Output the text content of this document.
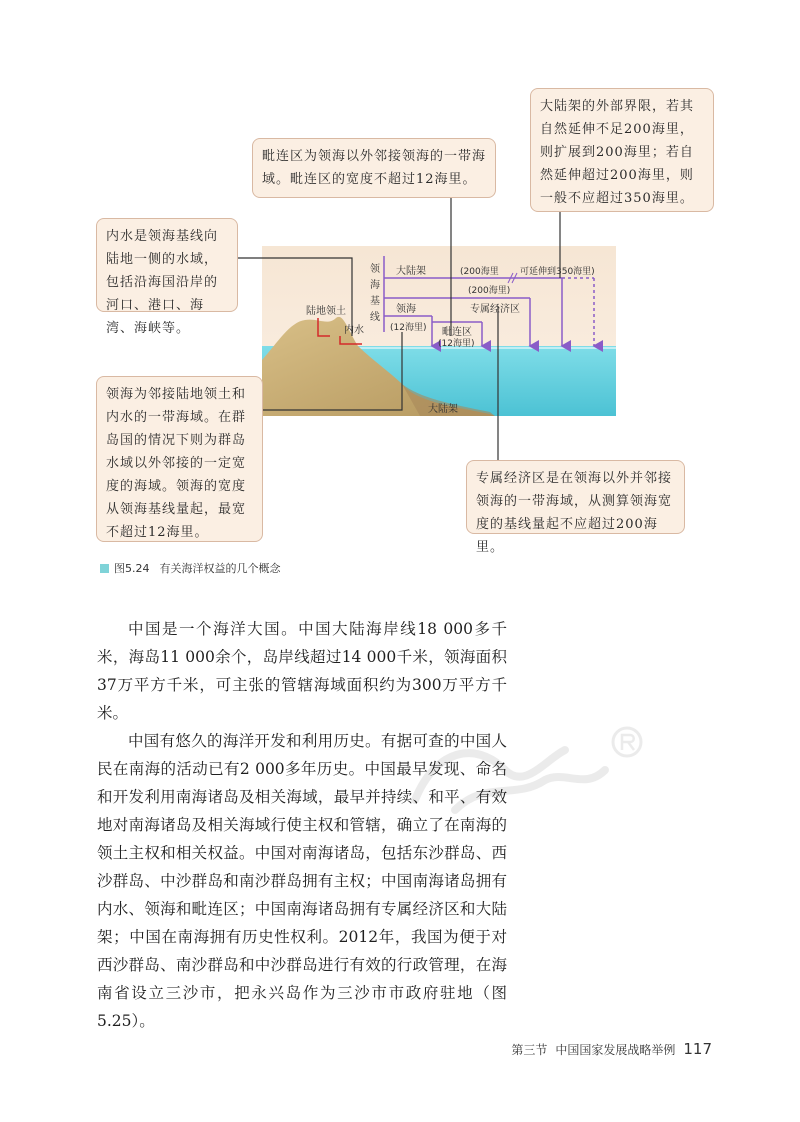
领
海
基
线
大陆架	(200海里 可延伸到350海里)
(200海里)
领海
(12海里)
专属经济区
毗连区
(12海里)
陆地领土
内水
大陆架
毗连区为领海以外邻接领海的一带海域。毗连区的宽度不超过12海里。
大陆架的外部界限，若其自然延伸不足200海里，则扩展到200海里；若自然延伸超过200海里，则一般不应超过350海里。
内水是领海基线向陆地一侧的水域，包括沿海国沿岸的河口、港口、海湾、海峡等。
领海为邻接陆地领土和内水的一带海域。在群岛国的情况下则为群岛水域以外邻接的一定宽度的海域。领海的宽度从领海基线量起，最宽不超过12海里。
专属经济区是在领海以外并邻接领海的一带海域，从测算领海宽度的基线量起不应超过200海里。
图5.24 有关海洋权益的几个概念

中国是一个海洋大国。中国大陆海岸线18 000多千米，海岛11 000余个，岛岸线超过14 000千米，领海面积37万平方千米，可主张的管辖海域面积约为300万平方千米。

中国有悠久的海洋开发和利用历史。有据可查的中国人民在南海的活动已有2 000多年历史。中国最早发现、命名和开发利用南海诸岛及相关海域，最早并持续、和平、有效地对南海诸岛及相关海域行使主权和管辖，确立了在南海的领土主权和相关权益。中国对南海诸岛，包括东沙群岛、西沙群岛、中沙群岛和南沙群岛拥有主权；中国南海诸岛拥有内水、领海和毗连区；中国南海诸岛拥有专属经济区和大陆架；中国在南海拥有历史性权利。2012年，我国为便于对西沙群岛、南沙群岛和中沙群岛进行有效的行政管理，在海南省设立三沙市，把永兴岛作为三沙市市政府驻地（图5.25）。

第三节 中国国家发展战略举例 117
